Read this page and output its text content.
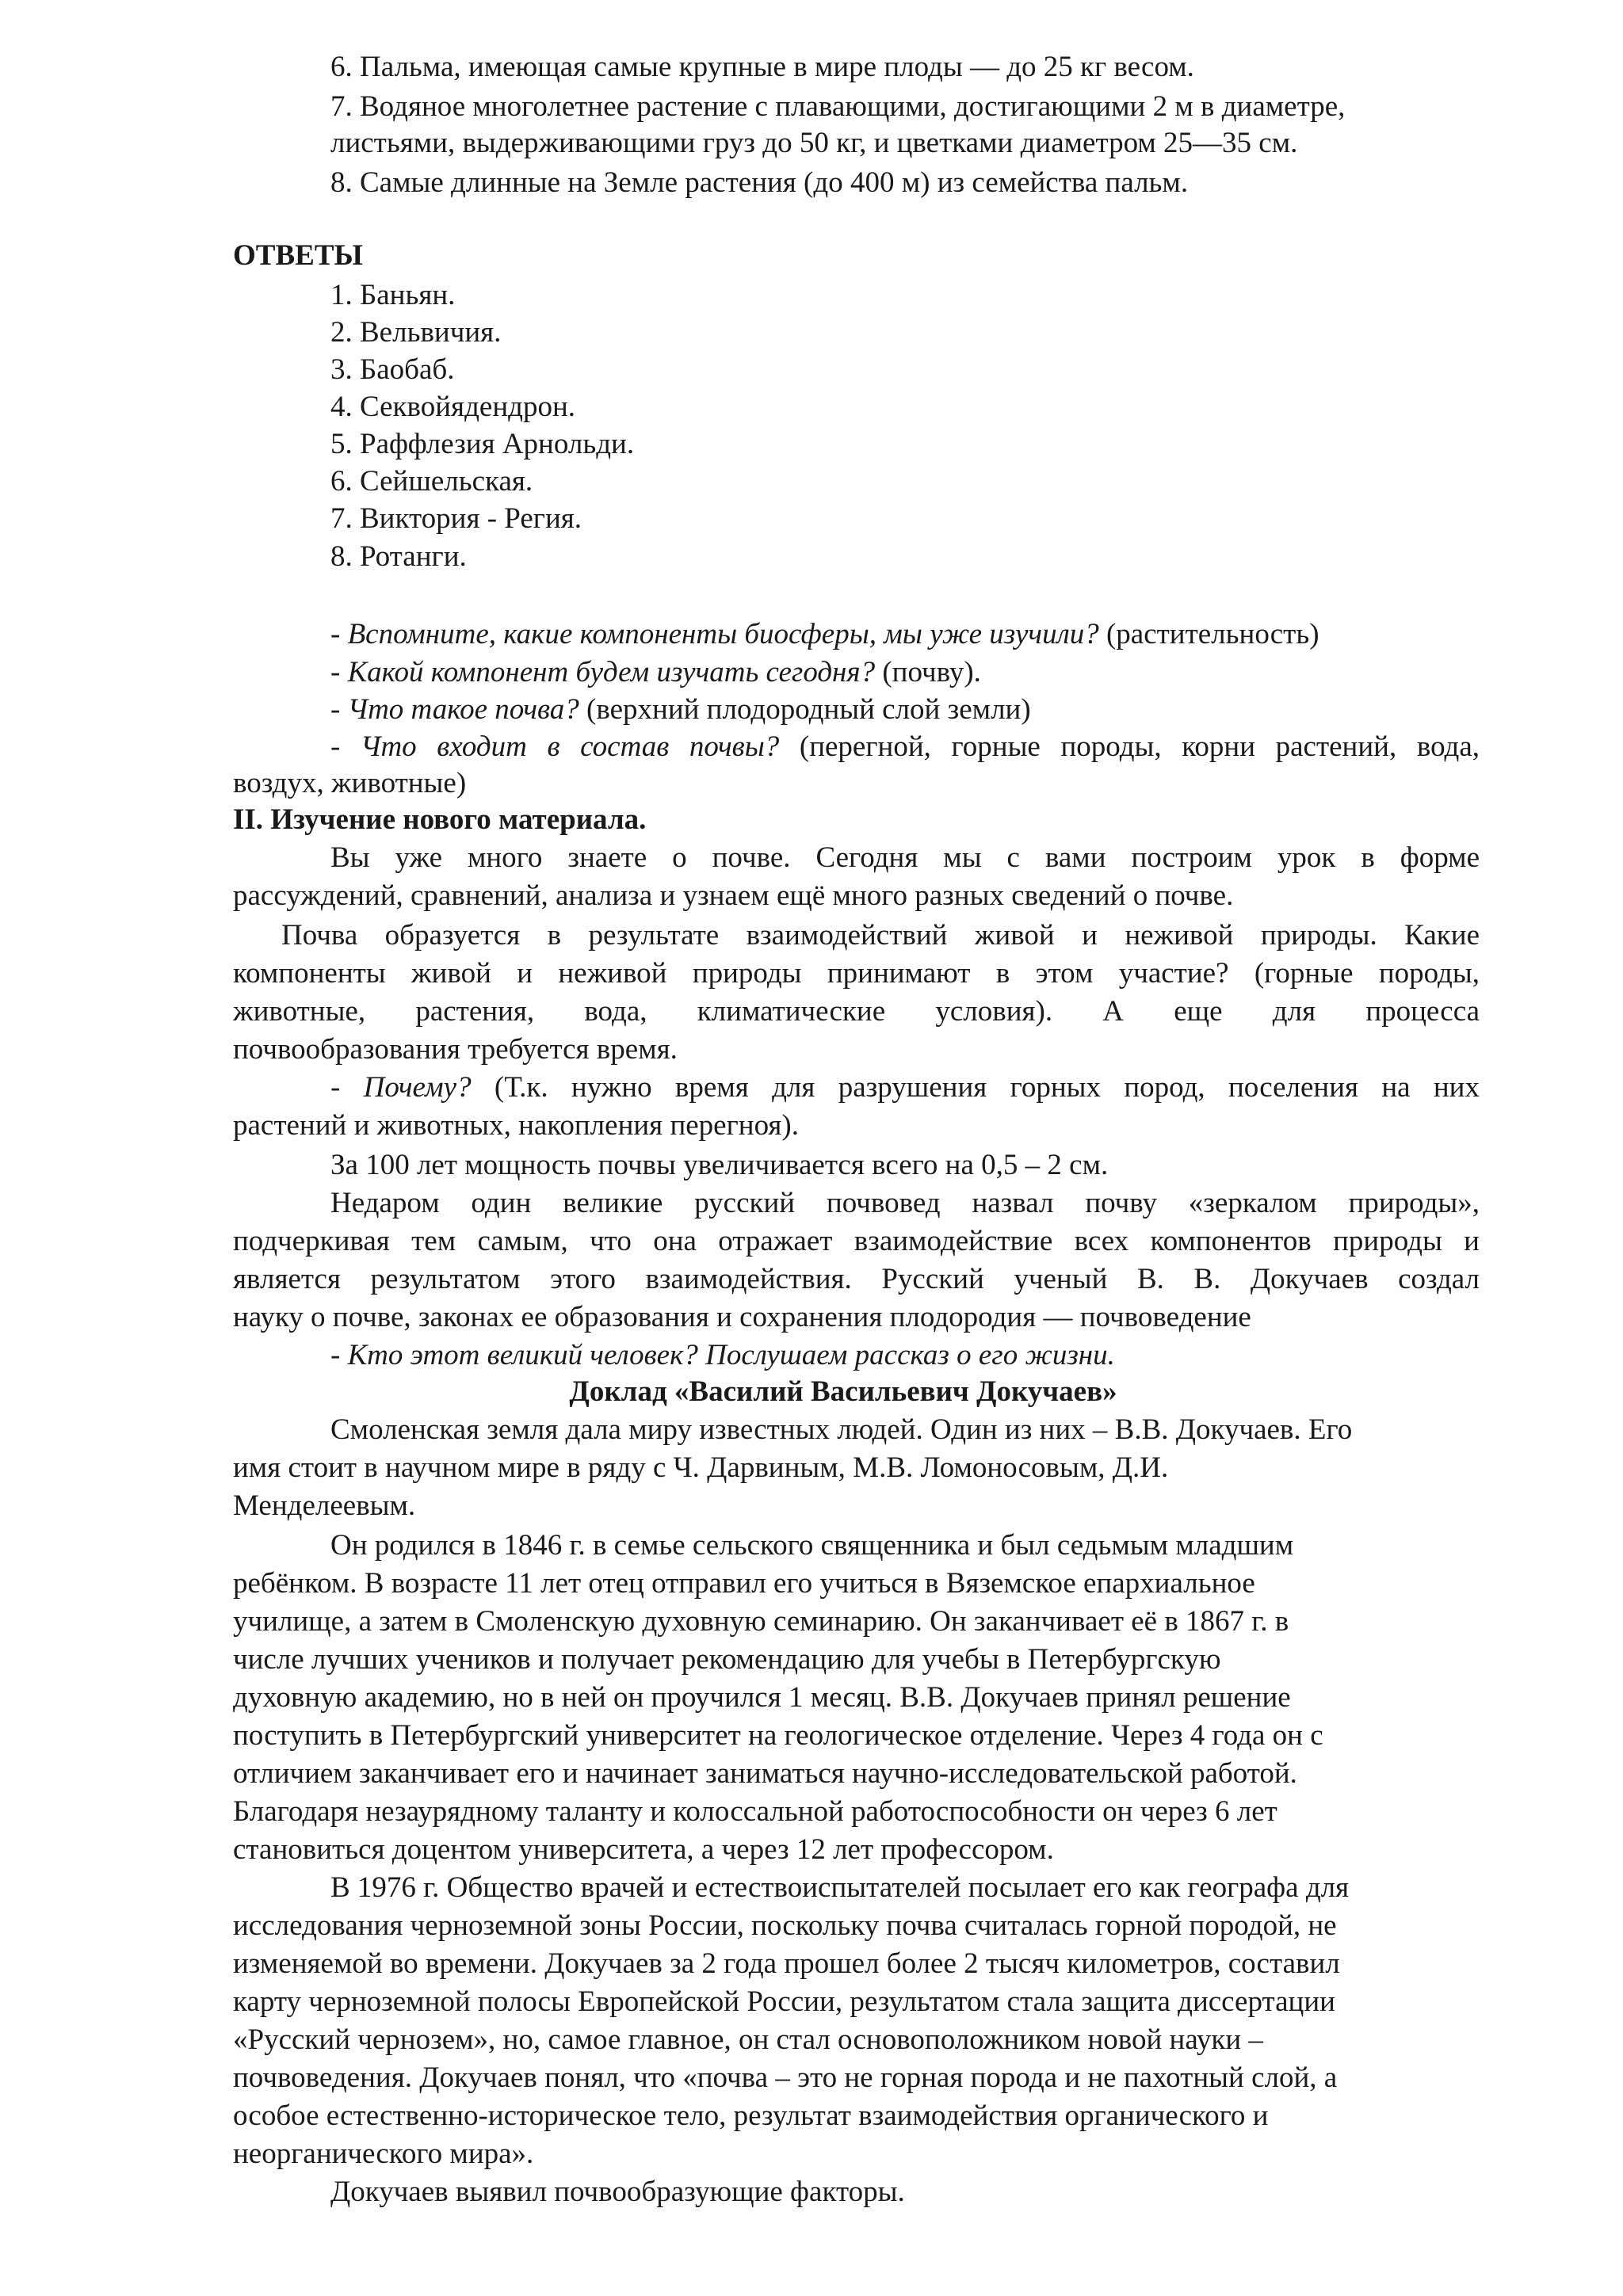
6. Пальма, имеющая самые крупные в мире плоды — до 25 кг весом.
7. Водяное многолетнее растение с плавающими, достигающими 2 м в диаметре,
листьями, выдерживающими груз до 50 кг, и цветками диаметром 25—35 см.
8. Самые длинные на Земле растения (до 400 м) из семейства пальм.
ОТВЕТЫ
1. Баньян.
2. Вельвичия.
3. Баобаб.
4. Секвойядендрон.
5. Раффлезия Арнольди.
6. Сейшельская.
7. Виктория - Регия.
8. Ротанги.
- Вспомните, какие компоненты биосферы, мы уже изучили? (растительность)
- Какой компонент будем изучать сегодня? (почву).
- Что такое почва? (верхний плодородный слой земли)
- Что входит в состав почвы? (перегной, горные породы, корни растений, вода,
воздух, животные)
II. Изучение нового материала.
Вы уже много знаете о почве. Сегодня мы с вами построим урок в форме
рассуждений, сравнений, анализа и узнаем ещё много разных сведений о почве.
Почва образуется в результате взаимодействий живой и неживой природы. Какие
компоненты живой и неживой природы принимают в этом участие? (горные породы,
животные, растения, вода, климатические условия). А еще для процесса
почвообразования требуется время.
- Почему? (Т.к. нужно время для разрушения горных пород, поселения на них
растений и животных, накопления перегноя).
За 100 лет мощность почвы увеличивается всего на 0,5 – 2 см.
Недаром один великие русский почвовед назвал почву «зеркалом природы»,
подчеркивая тем самым, что она отражает взаимодействие всех компонентов природы и
является результатом этого взаимодействия. Русский ученый В. В. Докучаев создал
науку о почве, законах ее образования и сохранения плодородия — почвоведение
- Кто этот великий человек? Послушаем рассказ о его жизни.
Доклад «Василий Васильевич Докучаев»
Смоленская земля дала миру известных людей. Один из них – В.В. Докучаев. Его
имя стоит в научном мире в ряду с Ч. Дарвиным, М.В. Ломоносовым, Д.И.
Менделеевым.
Он родился в 1846 г. в семье сельского священника и был седьмым младшим
ребёнком. В возрасте 11 лет отец отправил его учиться в Вяземское епархиальное
училище, а затем в Смоленскую духовную семинарию. Он заканчивает её в 1867 г. в
числе лучших учеников и получает рекомендацию для учебы в Петербургскую
духовную академию, но в ней он проучился 1 месяц. В.В. Докучаев принял решение
поступить в Петербургский университет на геологическое отделение. Через 4 года он с
отличием заканчивает его и начинает заниматься научно-исследовательской работой.
Благодаря незаурядному таланту и колоссальной работоспособности он через 6 лет
становиться доцентом университета, а через 12 лет профессором.
В 1976 г. Общество врачей и естествоиспытателей посылает его как географа для
исследования черноземной зоны России, поскольку почва считалась горной породой, не
изменяемой во времени. Докучаев за 2 года прошел более 2 тысяч километров, составил
карту черноземной полосы Европейской России, результатом стала защита диссертации
«Русский чернозем», но, самое главное, он стал основоположником новой науки –
почвоведения. Докучаев понял, что «почва – это не горная порода и не пахотный слой, а
особое естественно-историческое тело, результат взаимодействия органического и
неорганического мира».
Докучаев выявил почвообразующие факторы.
